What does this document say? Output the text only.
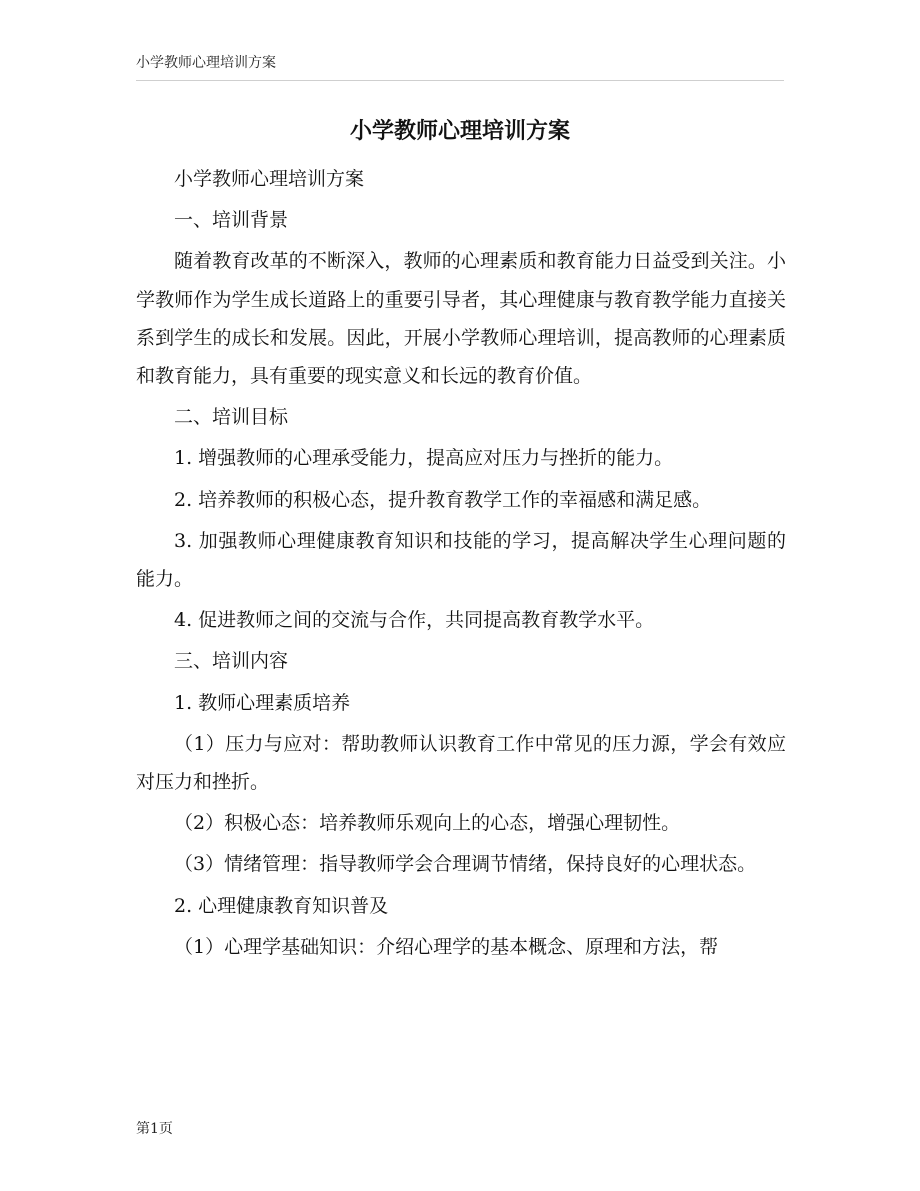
小学教师心理培训方案
小学教师心理培训方案

小学教师心理培训方案

一、培训背景

随着教育改革的不断深入，教师的心理素质和教育能力日益受到关注。小学教师作为学生成长道路上的重要引导者，其心理健康与教育教学能力直接关系到学生的成长和发展。因此，开展小学教师心理培训，提高教师的心理素质和教育能力，具有重要的现实意义和长远的教育价值。

二、培训目标

1. 增强教师的心理承受能力，提高应对压力与挫折的能力。

2. 培养教师的积极心态，提升教育教学工作的幸福感和满足感。

3. 加强教师心理健康教育知识和技能的学习，提高解决学生心理问题的能力。

4. 促进教师之间的交流与合作，共同提高教育教学水平。

三、培训内容

1. 教师心理素质培养

（1）压力与应对：帮助教师认识教育工作中常见的压力源，学会有效应对压力和挫折。

（2）积极心态：培养教师乐观向上的心态，增强心理韧性。

（3）情绪管理：指导教师学会合理调节情绪，保持良好的心理状态。

2. 心理健康教育知识普及

（1）心理学基础知识：介绍心理学的基本概念、原理和方法，帮

第1页
